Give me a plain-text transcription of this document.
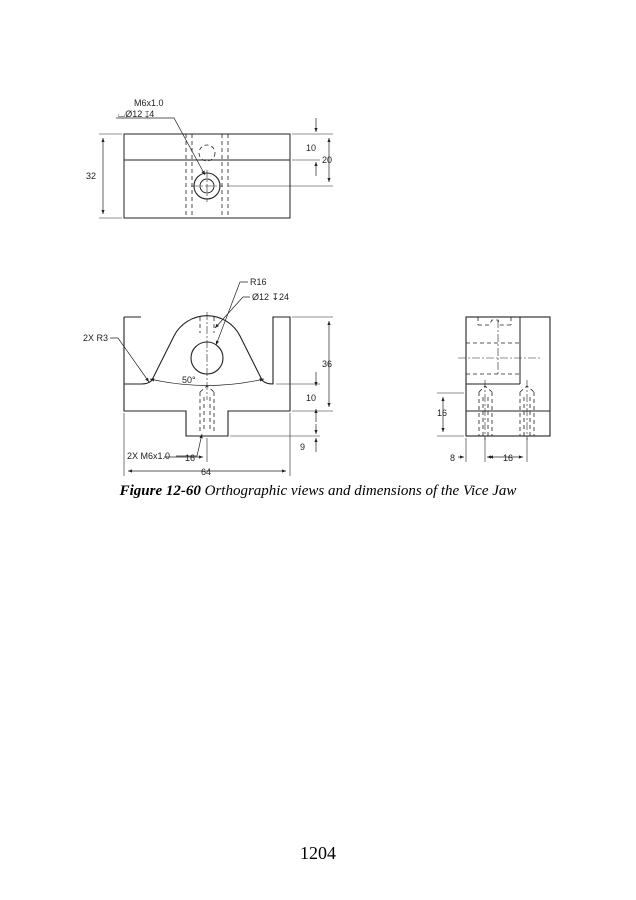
M6x1.0
⌴Ø12 ↧4
32
10
20
R16
Ø12 ↧24
2X R3
50°
36
10
9
2X M6x1.0 16
64
16
8	16
Figure 12-60 Orthographic views and dimensions of the Vice Jaw
1204
